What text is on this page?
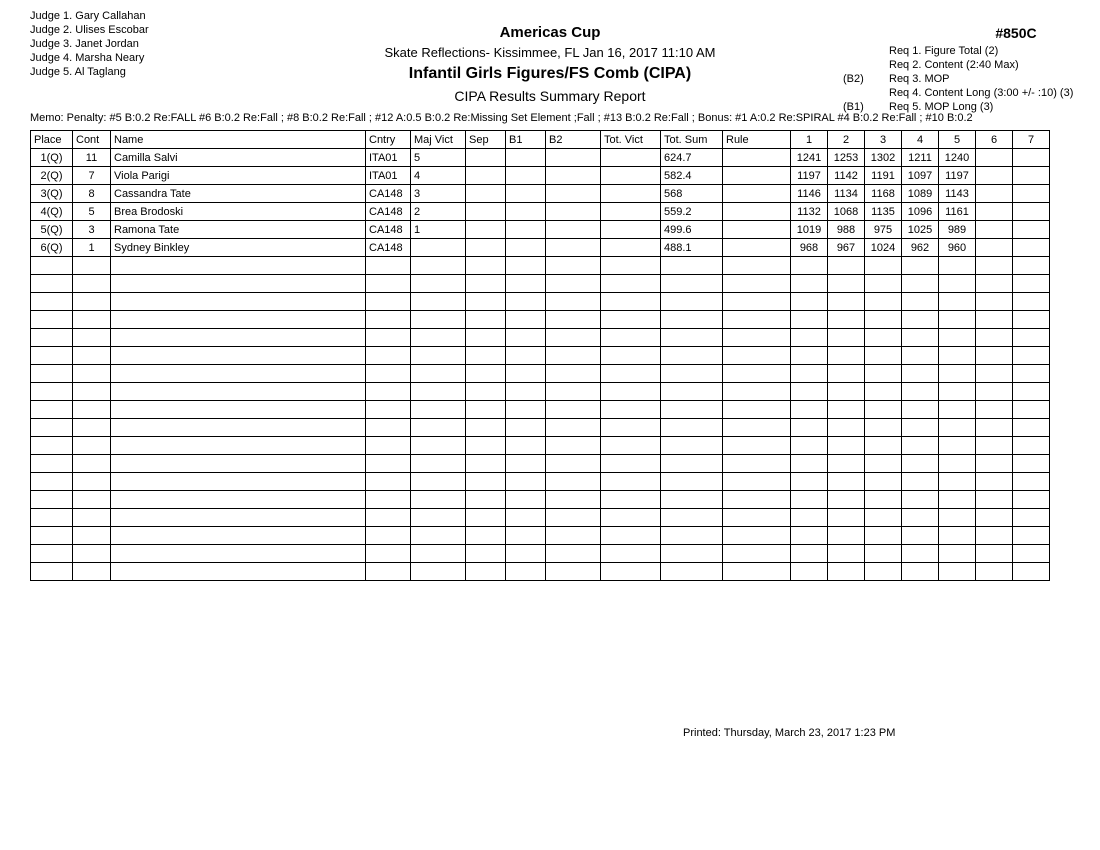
Judge 1. Gary Callahan
Judge 2. Ulises Escobar
Judge 3. Janet Jordan
Judge 4. Marsha Neary
Judge 5. Al Taglang
Americas Cup
Skate Reflections- Kissimmee, FL Jan 16, 2017 11:10 AM
Infantil Girls Figures/FS Comb (CIPA)
CIPA Results Summary Report
#850C
Req 1. Figure Total (2)
Req 2. Content (2:40 Max)
(B2)	Req 3. MOP
Req 4. Content Long (3:00 +/- :10) (3)
(B1)	Req 5. MOP Long (3)
Memo: Penalty: #5 B:0.2 Re:FALL #6 B:0.2 Re:Fall ; #8 B:0.2 Re:Fall ; #12 A:0.5 B:0.2 Re:Missing Set Element ;Fall ; #13 B:0.2 Re:Fall ; Bonus: #1 A:0.2 Re:SPIRAL #4 B:0.2 Re:Fall ; #10 B:0.2
Place	Cont	Name	Cntry	Maj Vict	Sep	B1	B2	Tot. Vict	Tot. Sum	Rule	1	2	3	4	5	6	7
1(Q)	11	Camilla Salvi	ITA01	5					624.7		1241	1253	1302	1211	1240		
2(Q)	7	Viola Parigi	ITA01	4					582.4		1197	1142	1191	1097	1197		
3(Q)	8	Cassandra Tate	CA148	3					568		1146	1134	1168	1089	1143		
4(Q)	5	Brea Brodoski	CA148	2					559.2		1132	1068	1135	1096	1161		
5(Q)	3	Ramona Tate	CA148	1					499.6		1019	988	975	1025	989		
6(Q)	1	Sydney Binkley	CA148						488.1		968	967	1024	962	960		

Printed: Thursday, March 23, 2017 1:23 PM
